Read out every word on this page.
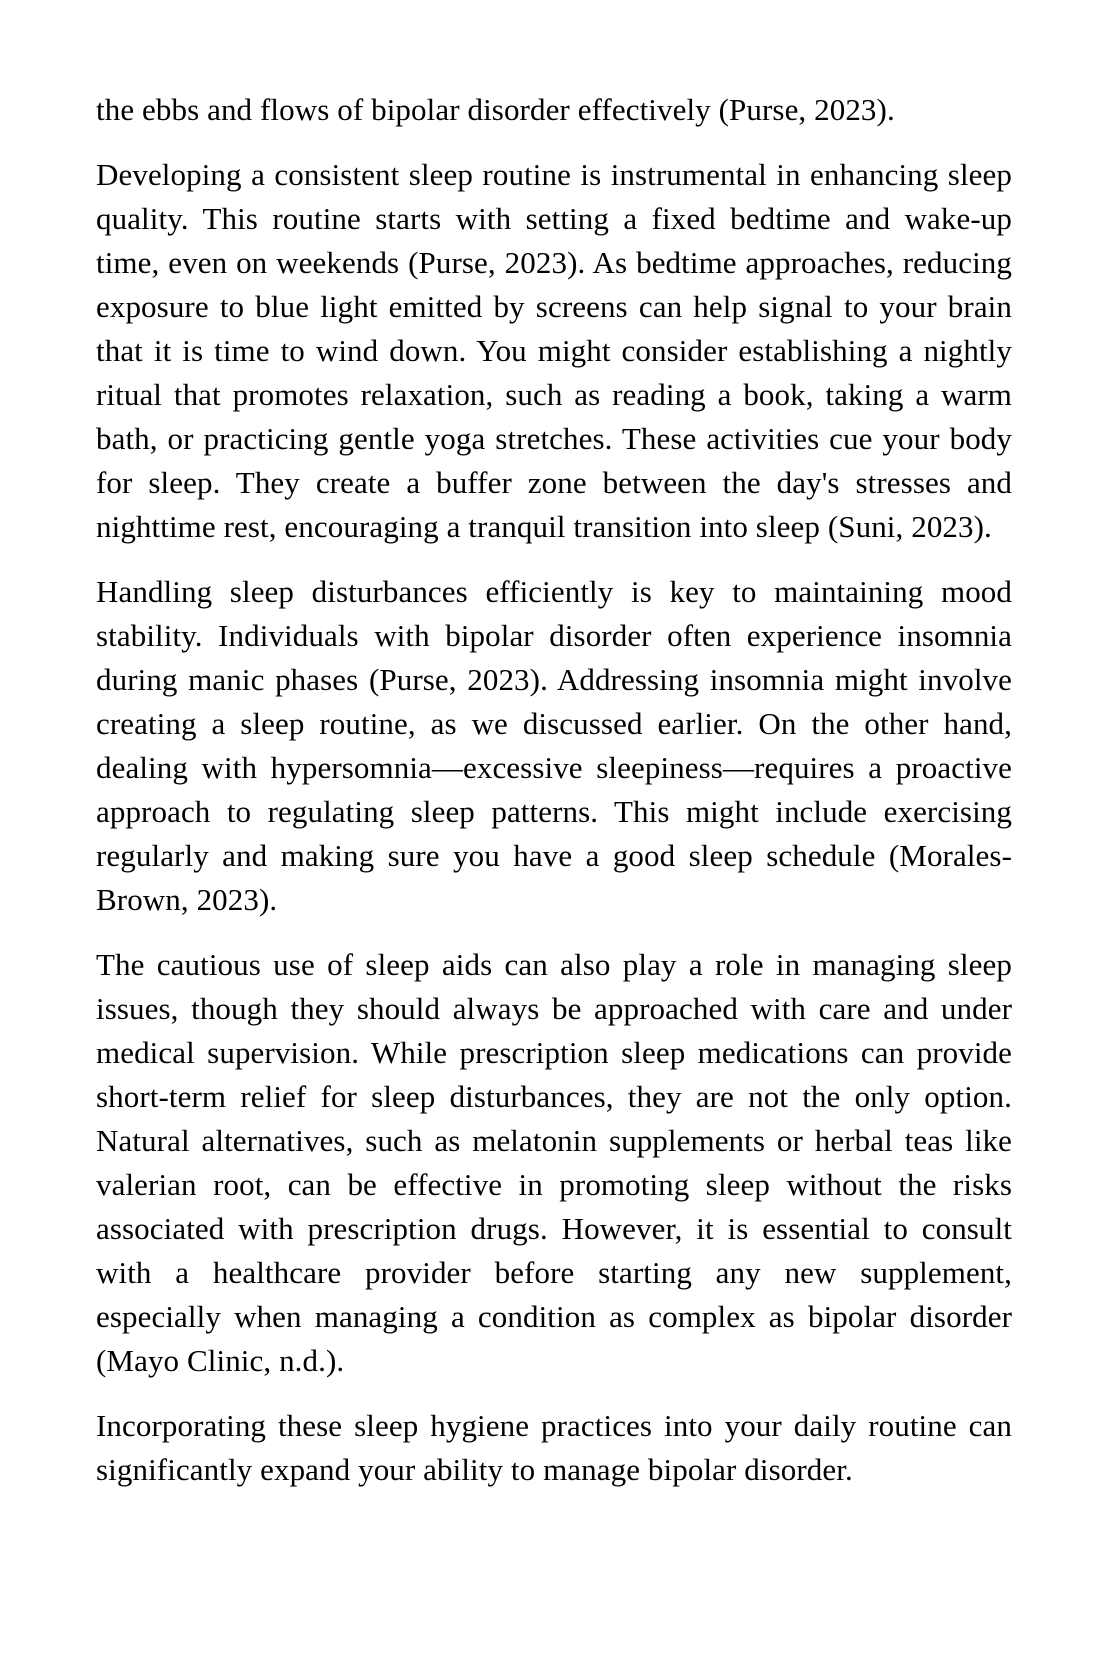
the ebbs and flows of bipolar disorder effectively (Purse, 2023).

Developing a consistent sleep routine is instrumental in enhancing sleep quality. This routine starts with setting a fixed bedtime and wake-up time, even on weekends (Purse, 2023). As bedtime approaches, reducing exposure to blue light emitted by screens can help signal to your brain that it is time to wind down. You might consider establishing a nightly ritual that promotes relaxation, such as reading a book, taking a warm bath, or practicing gentle yoga stretches. These activities cue your body for sleep. They create a buffer zone between the day's stresses and nighttime rest, encouraging a tranquil transition into sleep (Suni, 2023).

Handling sleep disturbances efficiently is key to maintaining mood stability. Individuals with bipolar disorder often experience insomnia during manic phases (Purse, 2023). Addressing insomnia might involve creating a sleep routine, as we discussed earlier. On the other hand, dealing with hypersomnia—excessive sleepiness—requires a proactive approach to regulating sleep patterns. This might include exercising regularly and making sure you have a good sleep schedule (Morales-Brown, 2023).

The cautious use of sleep aids can also play a role in managing sleep issues, though they should always be approached with care and under medical supervision. While prescription sleep medications can provide short-term relief for sleep disturbances, they are not the only option. Natural alternatives, such as melatonin supplements or herbal teas like valerian root, can be effective in promoting sleep without the risks associated with prescription drugs. However, it is essential to consult with a healthcare provider before starting any new supplement, especially when managing a condition as complex as bipolar disorder (Mayo Clinic, n.d.).

Incorporating these sleep hygiene practices into your daily routine can significantly expand your ability to manage bipolar disorder.
